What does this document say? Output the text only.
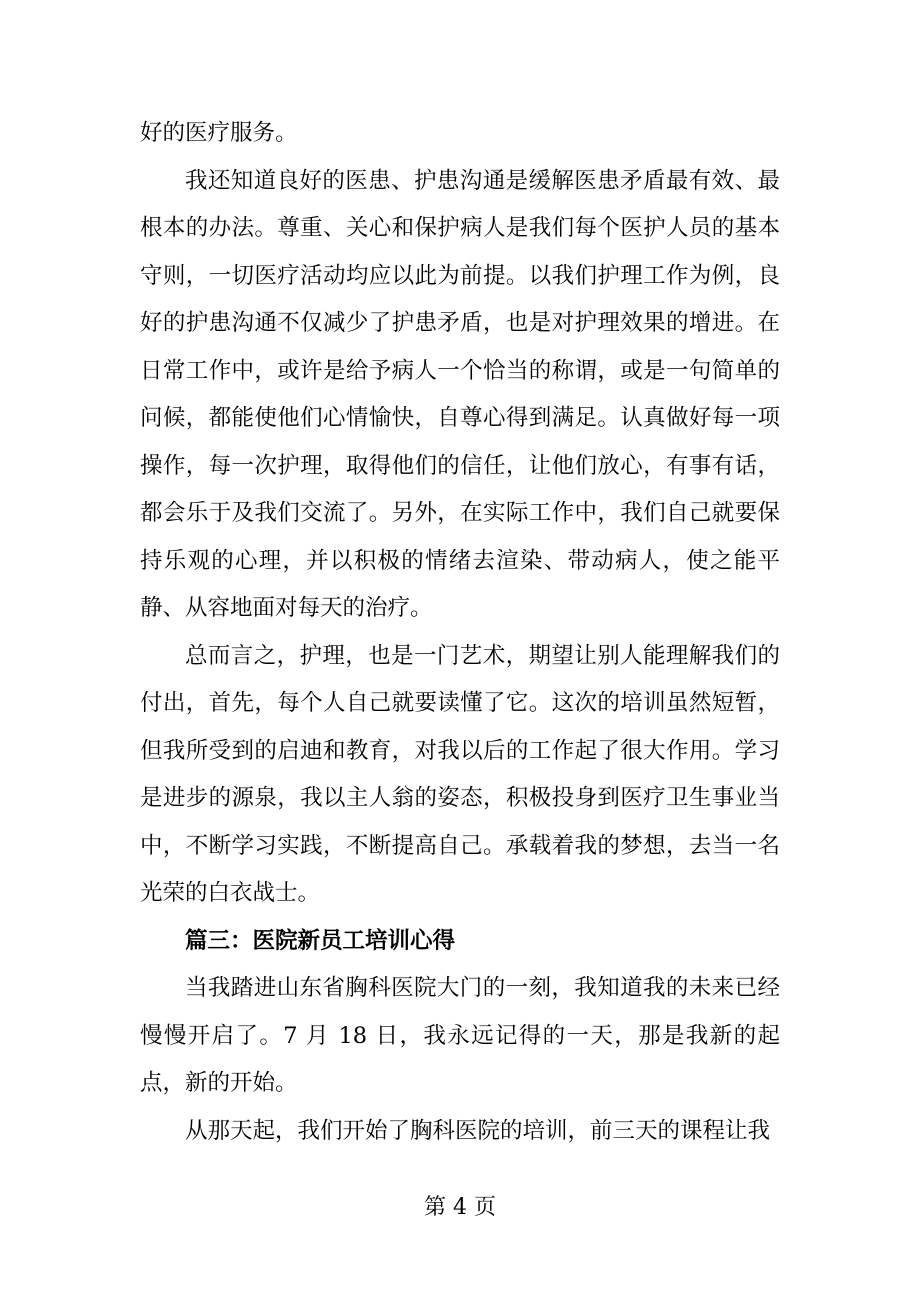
好的医疗服务。

我还知道良好的医患、护患沟通是缓解医患矛盾最有效、最根本的办法。尊重、关心和保护病人是我们每个医护人员的基本守则，一切医疗活动均应以此为前提。以我们护理工作为例，良好的护患沟通不仅减少了护患矛盾，也是对护理效果的增进。在日常工作中，或许是给予病人一个恰当的称谓，或是一句简单的问候，都能使他们心情愉快，自尊心得到满足。认真做好每一项操作，每一次护理，取得他们的信任，让他们放心，有事有话，都会乐于及我们交流了。另外，在实际工作中，我们自己就要保持乐观的心理，并以积极的情绪去渲染、带动病人，使之能平静、从容地面对每天的治疗。

总而言之，护理，也是一门艺术，期望让别人能理解我们的付出，首先，每个人自己就要读懂了它。这次的培训虽然短暂，但我所受到的启迪和教育，对我以后的工作起了很大作用。学习是进步的源泉，我以主人翁的姿态，积极投身到医疗卫生事业当中，不断学习实践，不断提高自己。承载着我的梦想，去当一名光荣的白衣战士。

篇三：医院新员工培训心得

当我踏进山东省胸科医院大门的一刻，我知道我的未来已经慢慢开启了。7 月 18 日，我永远记得的一天，那是我新的起点，新的开始。

从那天起，我们开始了胸科医院的培训，前三天的课程让我

第 4 页
